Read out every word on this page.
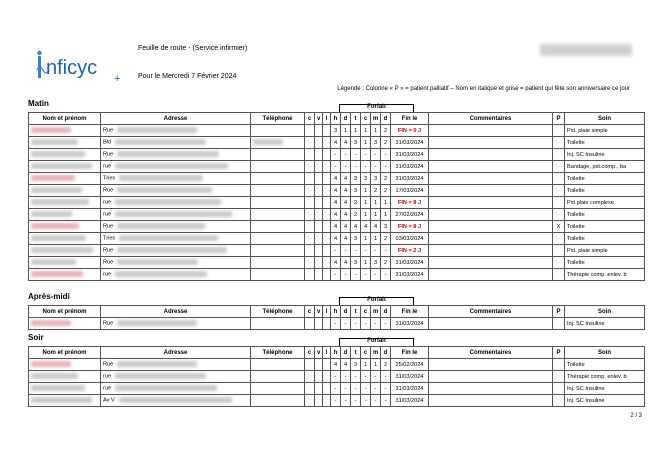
nficyc +
Feuille de route - (Service infirmier)
Pour le Mercredi 7 Février 2024
Légende : Colonne « P » = patient palliatif – Nom en italique et grisé = patient qui fête son anniversaire ce jour
Matin	Forfait
Nom et prénom	Adresse	Téléphone	c	v	l	h	d	t	c	m	d	Fin le	Commentaires	P	Soin
	Rue					3	1	1	1	1	2	FIN = 0 J			Pst. plaie simple
	Bld					4	4	3	1	3	2	31/03/2024			Toilette
	Rue					-	-	-	-	-	-	31/03/2024			Inj. SC Insuline
	rue					-	-	-	-	-	-	31/03/2024			Bandage, pst.comp., ba
	Tries					4	4	3	3	3	2	31/03/2024			Toilette
	Rue					4	4	3	1	2	2	17/03/2024			Toilette
	rue					4	4	2	1	1	1	FIN = 8 J			Pst plaie complexe
	rue					4	4	2	1	1	1	27/02/2024			Toilette
	Rue					4	4	4	4	4	3	FIN = 8 J		X	Toilette
	Tries					4	4	3	1	1	2	03/03/2024			Toilette
	Rue					-	-	-	-	-	-	FIN = 2 J			Pst. plaie simple
	Rue					4	4	3	1	3	2	31/03/2024			Toilette
	rue					-	-	-	-	-	-	31/03/2024			Thérapie comp. enlev. b
Après-midi	Forfait
Nom et prénom	Adresse	Téléphone	c	v	l	h	d	t	c	m	d	Fin le	Commentaires	P	Soin
	Rue					-	-	-	-	-	-	31/03/2024			Inj. SC Insuline
Soir	Forfait
Nom et prénom	Adresse	Téléphone	c	v	l	h	d	t	c	m	d	Fin le	Commentaires	P	Soin
	Rue					4	4	3	1	1	2	25/02/2024			Toilette
	rue					-	-	-	-	-	-	31/03/2024			Thérapie comp. enlev. b
	rue					-	-	-	-	-	-	31/03/2024			Inj. SC Insuline
	Av V					-	-	-	-	-	-	31/03/2024			Inj. SC Insuline
2 / 3
